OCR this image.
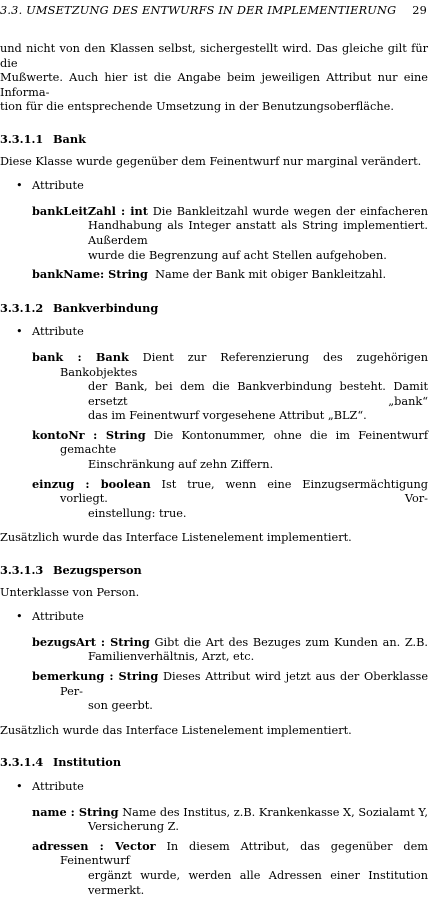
3.3. UMSETZUNG DES ENTWURFS IN DER IMPLEMENTIERUNG 29

und nicht von den Klassen selbst, sichergestellt wird. Das gleiche gilt für die

Mußwerte. Auch hier ist die Angabe beim jeweiligen Attribut nur eine Informa-

tion für die entsprechende Umsetzung in der Benutzungsoberfläche.

3.3.1.1 Bank

Diese Klasse wurde gegenüber dem Feinentwurf nur marginal verändert.

• Attribute

bankLeitZahl : int Die Bankleitzahl wurde wegen der einfacheren

Handhabung als Integer anstatt als String implementiert. Außerdem

wurde die Begrenzung auf acht Stellen aufgehoben.

bankName: String Name der Bank mit obiger Bankleitzahl.

3.3.1.2 Bankverbindung
• Attribute

bank : Bank Dient zur Referenzierung des zugehörigen Bankobjektes

der Bank, bei dem die Bankverbindung besteht. Damit ersetzt „bank“

das im Feinentwurf vorgesehene Attribut „BLZ“.

kontoNr : String Die Kontonummer, ohne die im Feinentwurf gemachte

Einschränkung auf zehn Ziffern.

einzug : boolean Ist true, wenn eine Einzugsermächtigung vorliegt. Vor-

einstellung: true.

Zusätzlich wurde das Interface Listenelement implementiert.

3.3.1.3 Bezugsperson

Unterklasse von Person.

• Attribute

bezugsArt : String Gibt die Art des Bezuges zum Kunden an. Z.B.

Familienverhältnis, Arzt, etc.

bemerkung : String Dieses Attribut wird jetzt aus der Oberklasse Per-

son geerbt.

Zusätzlich wurde das Interface Listenelement implementiert.

3.3.1.4 Institution
• Attribute

name : String Name des Institus, z.B. Krankenkasse X, Sozialamt Y,

Versicherung Z.

adressen : Vector In diesem Attribut, das gegenüber dem Feinentwurf

ergänzt wurde, werden alle Adressen einer Institution vermerkt.
